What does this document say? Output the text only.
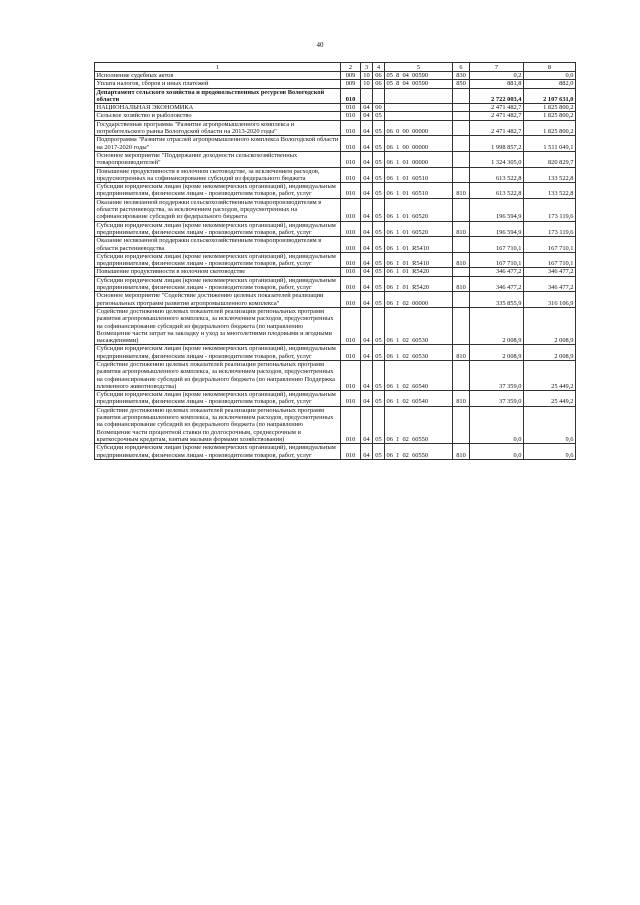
40
1	2	3	4	5	6	7	8
Исполнение судебных актов	009	10	06	05  8  04  00590	830	0,2	0,0
Уплата налогов, сборов и иных платежей	009	10	06	05  8  04  00590	850	881,8	882,0
Департамент сельского хозяйства и продовольственных ресурсов Вологодской области	010					2 722 003,4	2 107 631,0
НАЦИОНАЛЬНАЯ ЭКОНОМИКА	010	04	00			2 471 482,7	1 825 800,2
Сельское хозяйство и рыболовство	010	04	05			2 471 482,7	1 825 800,2
Государственная программа "Развитие агропромышленного комплекса и потребительского рынка Вологодской области на 2013-2020 годы"	010	04	05	06  0  00  00000		2 471 482,7	1 825 800,2
Подпрограмма "Развитие отраслей агропромышленного комплекса Вологодской области на 2017-2020 годы"	010	04	05	06  1  00  00000		1 998 857,2	1 511 049,1
Основное мероприятие "Поддержание доходности сельскохозяйственных товаропроизводителей"	010	04	05	06  1  01  00000		1 324 305,0	820 829,7
Повышение продуктивности в молочном скотоводстве, за исключением расходов, предусмотренных на софинансирование субсидий из федерального бюджета	010	04	05	06  1  01  60510		613 522,8	133 522,8
Субсидии юридическим лицам (кроме некоммерческих организаций), индивидуальным предпринимателям, физическим лицам - производителям товаров, работ, услуг	010	04	05	06  1  01  60510	810	613 522,8	133 522,8
Оказание несвязанной поддержки сельскохозяйственным товаропроизводителям в области растениеводства, за исключением расходов, предусмотренных на софинансирование субсидий из федерального бюджета	010	04	05	06  1  01  60520		196 594,9	173 119,6
Субсидии юридическим лицам (кроме некоммерческих организаций), индивидуальным предпринимателям, физическим лицам - производителям товаров, работ, услуг	010	04	05	06  1  01  60520	810	196 594,9	173 119,6
Оказание несвязанной поддержки сельскохозяйственным товаропроизводителям в области растениеводства	010	04	05	06  1  01  R5410		167 710,1	167 710,1
Субсидии юридическим лицам (кроме некоммерческих организаций), индивидуальным предпринимателям, физическим лицам - производителям товаров, работ, услуг	010	04	05	06  1  01  R5410	810	167 710,1	167 710,1
Повышение продуктивности в молочном скотоводстве	010	04	05	06  1  01  R5420		346 477,2	346 477,2
Субсидии юридическим лицам (кроме некоммерческих организаций), индивидуальным предпринимателям, физическим лицам - производителям товаров, работ, услуг	010	04	05	06  1  01  R5420	810	346 477,2	346 477,2
Основное мероприятие "Содействие достижению целевых показателей реализации региональных программ развития агропромышленного комплекса"	010	04	05	06  1  02  00000		335 855,9	316 106,9
Содействие достижению целевых показателей реализации региональных программ развития агропромышленного комплекса, за исключением расходов, предусмотренных на софинансирование субсидий из федерального бюджета (по направлению Возмещение части затрат на закладку и уход за многолетними плодовыми и ягодными насаждениями)	010	04	05	06  1  02  60530		2 008,9	2 008,9
Субсидии юридическим лицам (кроме некоммерческих организаций), индивидуальным предпринимателям, физическим лицам - производителям товаров, работ, услуг	010	04	05	06  1  02  60530	810	2 008,9	2 008,9
Содействие достижению целевых показателей реализации региональных программ развития агропромышленного комплекса, за исключением расходов, предусмотренных на софинансирование субсидий из федерального бюджета (по направлению Поддержка племенного животноводства)	010	04	05	06  1  02  60540		37 359,0	25 449,2
Субсидии юридическим лицам (кроме некоммерческих организаций), индивидуальным предпринимателям, физическим лицам - производителям товаров, работ, услуг	010	04	05	06  1  02  60540	810	37 359,0	25 449,2
Содействие достижению целевых показателей реализации региональных программ развития агропромышленного комплекса, за исключением расходов, предусмотренных на софинансирование субсидий из федерального бюджета (по направлению Возмещение части процентной ставки по долгосрочным, среднесрочным и краткосрочным кредитам, взятым малыми формами хозяйствования)	010	04	05	06  1  02  60550		0,0	9,6
Субсидии юридическим лицам (кроме некоммерческих организаций), индивидуальным предпринимателям, физическим лицам - производителям товаров, работ, услуг	010	04	05	06  1  02  60550	810	0,0	9,6
